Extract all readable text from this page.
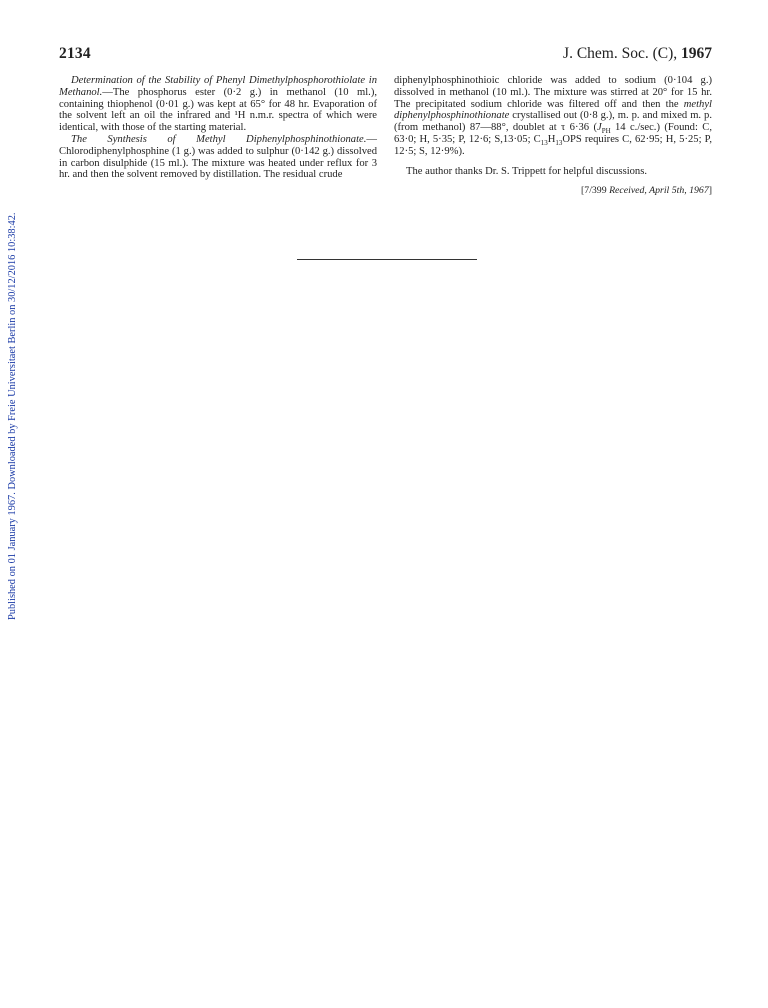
Published on 01 January 1967. Downloaded by Freie Universitaet Berlin on 30/12/2016 10:38:42.
2134	J. Chem. Soc. (C), 1967

Determination of the Stability of Phenyl Dimethylphosphorothiolate in Methanol.—The phosphorus ester (0·2 g.) in methanol (10 ml.), containing thiophenol (0·01 g.) was kept at 65° for 48 hr. Evaporation of the solvent left an oil the infrared and ¹H n.m.r. spectra of which were identical, with those of the starting material.

The Synthesis of Methyl Diphenylphosphinothionate.— Chlorodiphenylphosphine (1 g.) was added to sulphur (0·142 g.) dissolved in carbon disulphide (15 ml.). The mixture was heated under reflux for 3 hr. and then the solvent removed by distillation. The residual crude

diphenylphosphinothioic chloride was added to sodium (0·104 g.) dissolved in methanol (10 ml.). The mixture was stirred at 20° for 15 hr. The precipitated sodium chloride was filtered off and then the methyl diphenylphosphinothionate crystallised out (0·8 g.), m. p. and mixed m. p. (from methanol) 87—88°, doublet at τ 6·36 ($J_{PH}$ 14 c./sec.) (Found: C, 63·0; H, 5·35; P, 12·6; S,13·05; $C_{13}H_{13}OPS$ requires C, 62·95; H, 5·25; P, 12·5; S, 12·9%).

The author thanks Dr. S. Trippett for helpful discussions.

[7/399 Received, April 5th, 1967]
